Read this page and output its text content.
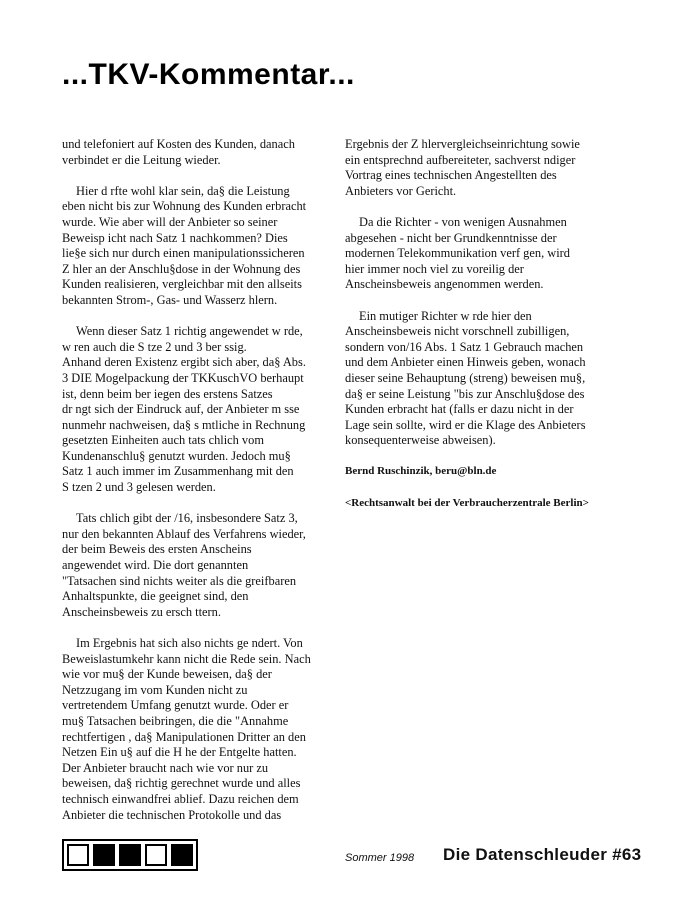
...TKV-Kommentar...

und telefoniert auf Kosten des Kunden, danach
verbindet er die Leitung wieder.

Hier d rfte wohl klar sein, da§ die Leistung
eben nicht bis zur Wohnung des Kunden erbracht
wurde. Wie aber will der Anbieter so seiner
Beweisp icht nach Satz 1 nachkommen? Dies
lie§e sich nur durch einen manipulationssicheren
Z hler an der Anschlu§dose in der Wohnung des
Kunden realisieren, vergleichbar mit den allseits
bekannten Strom-, Gas- und Wasserz hlern.

Wenn dieser Satz 1 richtig angewendet w rde,
w ren auch die S tze 2 und 3 ber ssig.
Anhand deren Existenz ergibt sich aber, da§ Abs.
3 DIE Mogelpackung der TKKuschVO berhaupt
ist, denn beim ber iegen des erstens Satzes
dr ngt sich der Eindruck auf, der Anbieter m sse
nunmehr nachweisen, da§ s mtliche in Rechnung
gesetzten Einheiten auch tats chlich vom
Kundenanschlu§ genutzt wurden. Jedoch mu§
Satz 1 auch immer im Zusammenhang mit den
S tzen 2 und 3 gelesen werden.

Tats chlich gibt der /16, insbesondere Satz 3,
nur den bekannten Ablauf des Verfahrens wieder,
der beim Beweis des ersten Anscheins
angewendet wird. Die dort genannten
"Tatsachen sind nichts weiter als die greifbaren
Anhaltspunkte, die geeignet sind, den
Anscheinsbeweis zu ersch ttern.

Im Ergebnis hat sich also nichts ge ndert. Von
Beweislastumkehr kann nicht die Rede sein. Nach
wie vor mu§ der Kunde beweisen, da§ der
Netzzugang im vom Kunden nicht zu
vertretendem Umfang genutzt wurde. Oder er
mu§ Tatsachen beibringen, die die "Annahme
rechtfertigen , da§ Manipulationen Dritter an den
Netzen Ein u§ auf die H he der Entgelte hatten.
Der Anbieter braucht nach wie vor nur zu
beweisen, da§ richtig gerechnet wurde und alles
technisch einwandfrei ablief. Dazu reichen dem
Anbieter die technischen Protokolle und das

Ergebnis der Z hlervergleichseinrichtung sowie
ein entsprechnd aufbereiteter, sachverst ndiger
Vortrag eines technischen Angestellten des
Anbieters vor Gericht.

Da die Richter - von wenigen Ausnahmen
abgesehen - nicht ber Grundkenntnisse der
modernen Telekommunikation verf gen, wird
hier immer noch viel zu voreilig der
Anscheinsbeweis angenommen werden.

Ein mutiger Richter w rde hier den
Anscheinsbeweis nicht vorschnell zubilligen,
sondern von/16 Abs. 1 Satz 1 Gebrauch machen
und dem Anbieter einen Hinweis geben, wonach
dieser seine Behauptung (streng) beweisen mu§,
da§ er seine Leistung "bis zur Anschlu§dose des
Kunden erbracht hat (falls er dazu nicht in der
Lage sein sollte, wird er die Klage des Anbieters
konsequenterweise abweisen).

Bernd Ruschinzik, beru@bln.de

<Rechtsanwalt bei der Verbraucherzentrale Berlin>

Sommer 1998 Die Datenschleuder #63
